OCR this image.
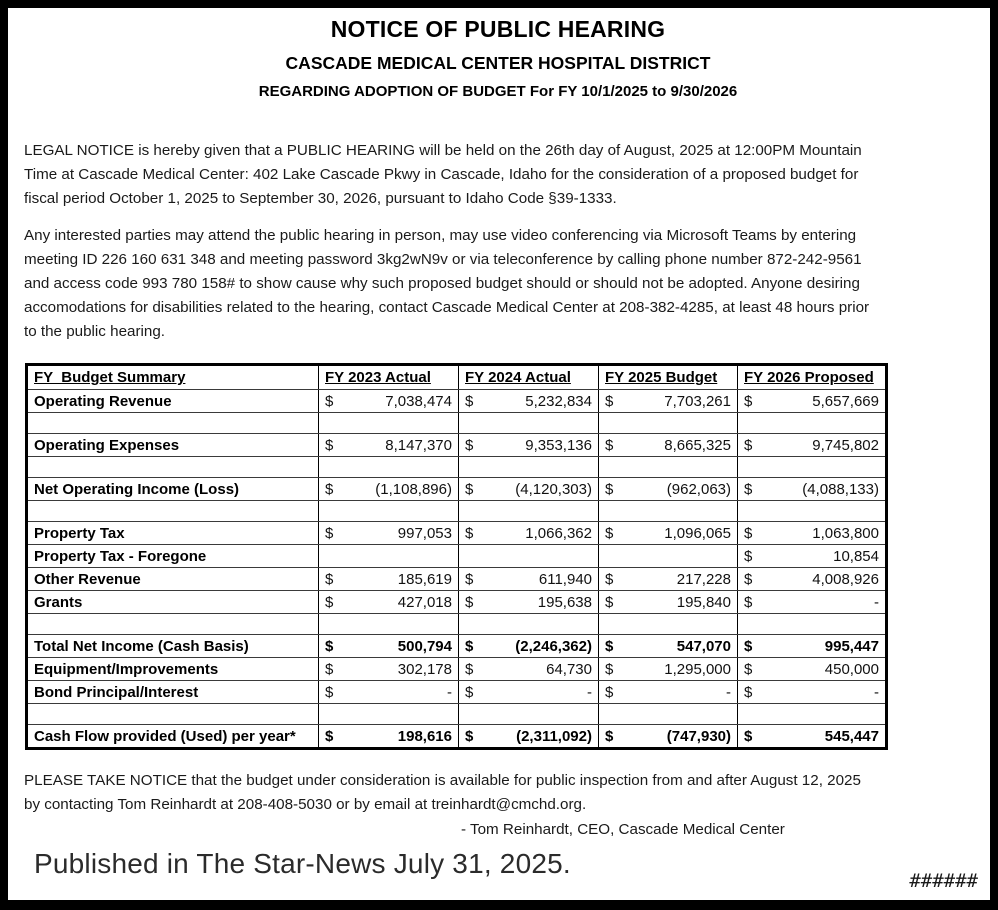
NOTICE OF PUBLIC HEARING
CASCADE MEDICAL CENTER HOSPITAL DISTRICT
REGARDING ADOPTION OF BUDGET For FY 10/1/2025 to 9/30/2026

LEGAL NOTICE is hereby given that a PUBLIC HEARING will be held on the 26th day of August, 2025 at 12:00PM Mountain Time at Cascade Medical Center: 402 Lake Cascade Pkwy in Cascade, Idaho for the consideration of a proposed budget for fiscal period October 1, 2025 to September 30, 2026, pursuant to Idaho Code §39-1333.

Any interested parties may attend the public hearing in person, may use video conferencing via Microsoft Teams by entering meeting ID 226 160 631 348 and meeting password 3kg2wN9v or via teleconference by calling phone number 872-242-9561 and access code 993 780 158# to show cause why such proposed budget should or should not be adopted. Anyone desiring accomodations for disabilities related to the hearing, contact Cascade Medical Center at 208-382-4285, at least 48 hours prior to the public hearing.

FY  Budget Summary	FY 2023 Actual	FY 2024 Actual	FY 2025 Budget	FY 2026 Proposed
Operating Revenue	$ 7,038,474	$ 5,232,834	$ 7,703,261	$ 5,657,669

Operating Expenses	$ 8,147,370	$ 9,353,136	$ 8,665,325	$ 9,745,802

Net Operating Income (Loss)	$ (1,108,896)	$ (4,120,303)	$ (962,063)	$ (4,088,133)

Property Tax	$ 997,053	$ 1,066,362	$ 1,096,065	$ 1,063,800

Property Tax - Foregone				$ 10,854

Other Revenue	$ 185,619	$ 611,940	$ 217,228	$ 4,008,926

Grants	$ 427,018	$ 195,638	$ 195,840	$ -

Total Net Income (Cash Basis)	$ 500,794	$ (2,246,362)	$ 547,070	$ 995,447

Equipment/Improvements	$ 302,178	$ 64,730	$ 1,295,000	$ 450,000

Bond Principal/Interest	$ -	$ -	$ -	$ -

Cash Flow provided (Used) per year*	$ 198,616	$ (2,311,092)	$ (747,930)	$ 545,447

PLEASE TAKE NOTICE that the budget under consideration is available for public inspection from and after August 12, 2025 by contacting Tom Reinhardt at 208-408-5030 or by email at treinhardt@cmchd.org.

- Tom Reinhardt, CEO, Cascade Medical Center

Published in The Star-News July 31, 2025.

######
